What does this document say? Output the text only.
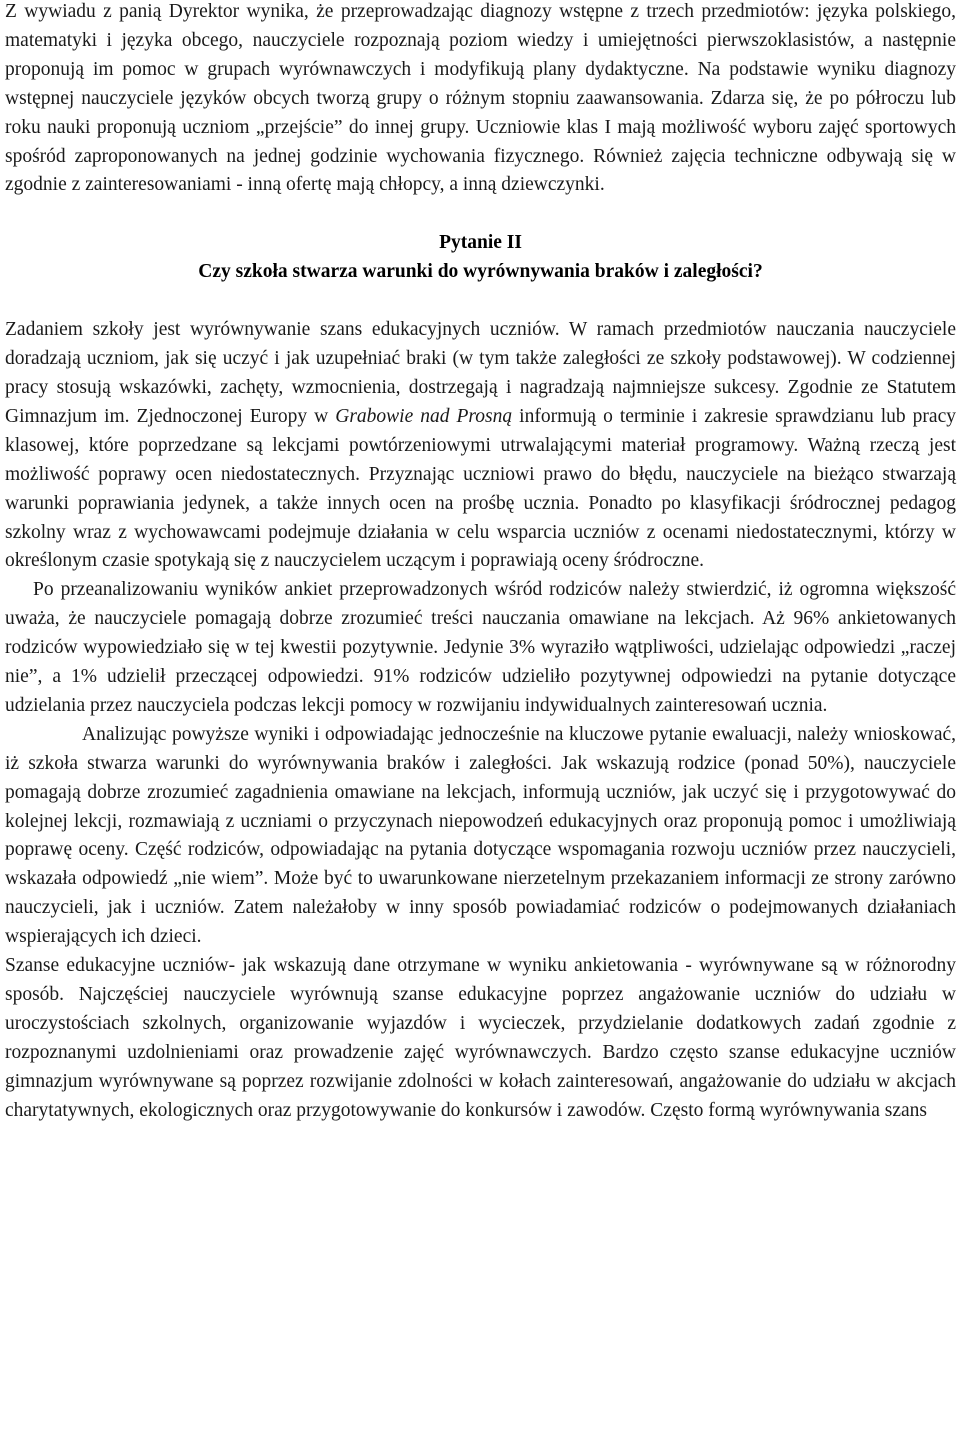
Z wywiadu z panią Dyrektor wynika, że przeprowadzając diagnozy wstępne z trzech przedmiotów: języka polskiego, matematyki i języka obcego, nauczyciele rozpoznają poziom wiedzy i umiejętności pierwszoklasistów, a następnie proponują im pomoc w grupach wyrównawczych i modyfikują plany dydaktyczne. Na podstawie wyniku diagnozy wstępnej nauczyciele języków obcych tworzą grupy o różnym stopniu zaawansowania. Zdarza się, że po półroczu lub roku nauki proponują uczniom „przejście” do innej grupy. Uczniowie klas I mają możliwość wyboru zajęć sportowych spośród zaproponowanych na jednej godzinie wychowania fizycznego. Również zajęcia techniczne odbywają się w zgodnie z zainteresowaniami - inną ofertę mają chłopcy, a inną dziewczynki.

Pytanie II

Czy szkoła stwarza warunki do wyrównywania braków i zaległości?

Zadaniem szkoły jest wyrównywanie szans edukacyjnych uczniów. W ramach przedmiotów nauczania nauczyciele doradzają uczniom, jak się uczyć i jak uzupełniać braki (w tym także zaległości ze szkoły podstawowej). W codziennej pracy stosują wskazówki, zachęty, wzmocnienia, dostrzegają i nagradzają najmniejsze sukcesy. Zgodnie ze Statutem Gimnazjum im. Zjednoczonej Europy w Grabowie nad Prosną informują o terminie i zakresie sprawdzianu lub pracy klasowej, które poprzedzane są lekcjami powtórzeniowymi utrwalającymi materiał programowy. Ważną rzeczą jest możliwość poprawy ocen niedostatecznych. Przyznając uczniowi prawo do błędu, nauczyciele na bieżąco stwarzają warunki poprawiania jedynek, a także innych ocen na prośbę ucznia. Ponadto po klasyfikacji śródrocznej pedagog szkolny wraz z wychowawcami podejmuje działania w celu wsparcia uczniów z ocenami niedostatecznymi, którzy w określonym czasie spotykają się z nauczycielem uczącym i poprawiają oceny śródroczne.

Po przeanalizowaniu wyników ankiet przeprowadzonych wśród rodziców należy stwierdzić, iż ogromna większość uważa, że nauczyciele pomagają dobrze zrozumieć treści nauczania omawiane na lekcjach. Aż 96% ankietowanych rodziców wypowiedziało się w tej kwestii pozytywnie. Jedynie 3% wyraziło wątpliwości, udzielając odpowiedzi „raczej nie”, a 1% udzielił przeczącej odpowiedzi. 91% rodziców udzieliło pozytywnej odpowiedzi na pytanie dotyczące udzielania przez nauczyciela podczas lekcji pomocy w rozwijaniu indywidualnych zainteresowań ucznia.

Analizując powyższe wyniki i odpowiadając jednocześnie na kluczowe pytanie ewaluacji, należy wnioskować, iż szkoła stwarza warunki do wyrównywania braków i zaległości. Jak wskazują rodzice (ponad 50%), nauczyciele pomagają dobrze zrozumieć zagadnienia omawiane na lekcjach, informują uczniów, jak uczyć się i przygotowywać do kolejnej lekcji, rozmawiają z uczniami o przyczynach niepowodzeń edukacyjnych oraz proponują pomoc i umożliwiają poprawę oceny. Część rodziców, odpowiadając na pytania dotyczące wspomagania rozwoju uczniów przez nauczycieli, wskazała odpowiedź „nie wiem”. Może być to uwarunkowane nierzetelnym przekazaniem informacji ze strony zarówno nauczycieli, jak i uczniów. Zatem należałoby w inny sposób powiadamiać rodziców o podejmowanych działaniach wspierających ich dzieci.

Szanse edukacyjne uczniów- jak wskazują dane otrzymane w wyniku ankietowania - wyrównywane są w różnorodny sposób. Najczęściej nauczyciele wyrównują szanse edukacyjne poprzez angażowanie uczniów do udziału w uroczystościach szkolnych, organizowanie wyjazdów i wycieczek, przydzielanie dodatkowych zadań zgodnie z rozpoznanymi uzdolnieniami oraz prowadzenie zajęć wyrównawczych. Bardzo często szanse edukacyjne uczniów gimnazjum wyrównywane są poprzez rozwijanie zdolności w kołach zainteresowań, angażowanie do udziału w akcjach charytatywnych, ekologicznych oraz przygotowywanie do konkursów i zawodów. Często formą wyrównywania szans
